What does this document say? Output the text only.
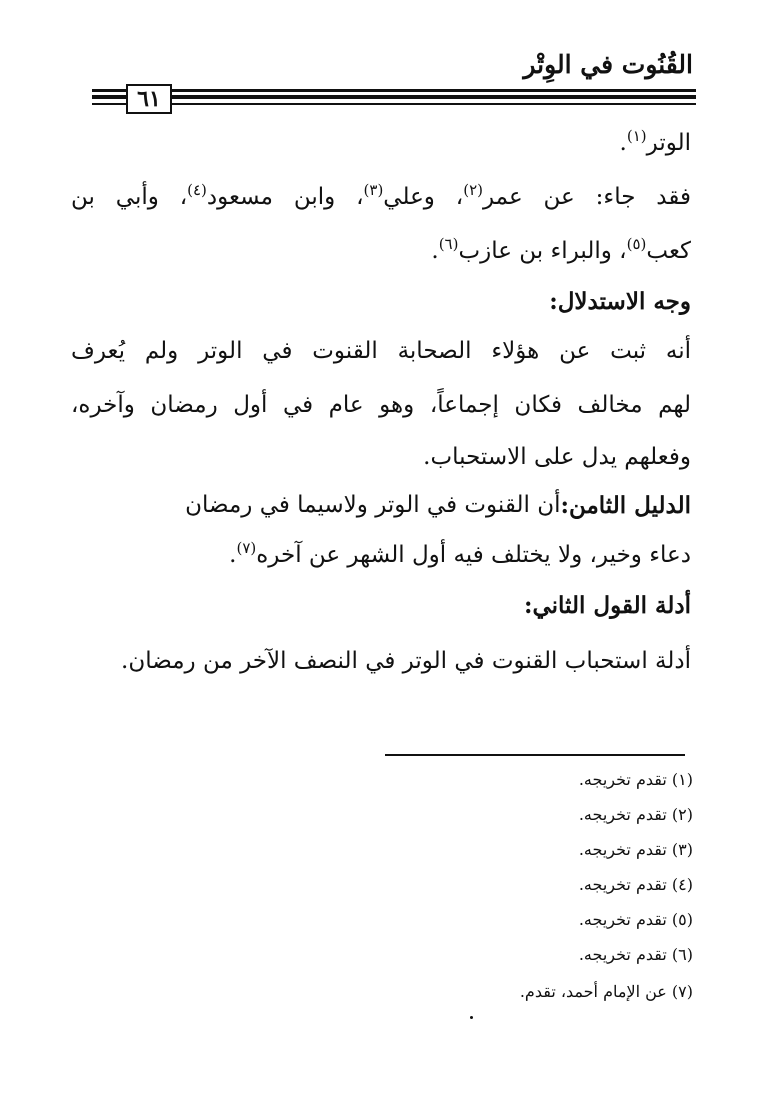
القُنُوت في الوِتْر
٦١
الوتر$^{(١)}$.
فقد جاء: عن عمر$^{(٢)}$، وعلي$^{(٣)}$، وابن مسعود$^{(٤)}$، وأبي بن
كعب$^{(٥)}$، والبراء بن عازب$^{(٦)}$.
وجه الاستدلال:
أنه ثبت عن هؤلاء الصحابة القنوت في الوتر ولم يُعرف
لهم مخالف فكان إجماعاً، وهو عام في أول رمضان وآخره،
وفعلهم يدل على الاستحباب.
الدليل الثامن:
أن القنوت في الوتر ولاسيما في رمضان
دعاء وخير، ولا يختلف فيه أول الشهر عن آخره$^{(٧)}$.
أدلة القول الثاني:
أدلة استحباب القنوت في الوتر في النصف الآخر من رمضان.
(١) تقدم تخريجه.
(٢) تقدم تخريجه.
(٣) تقدم تخريجه.
(٤) تقدم تخريجه.
(٥) تقدم تخريجه.
(٦) تقدم تخريجه.
(٧) عن الإمام أحمد، تقدم.
